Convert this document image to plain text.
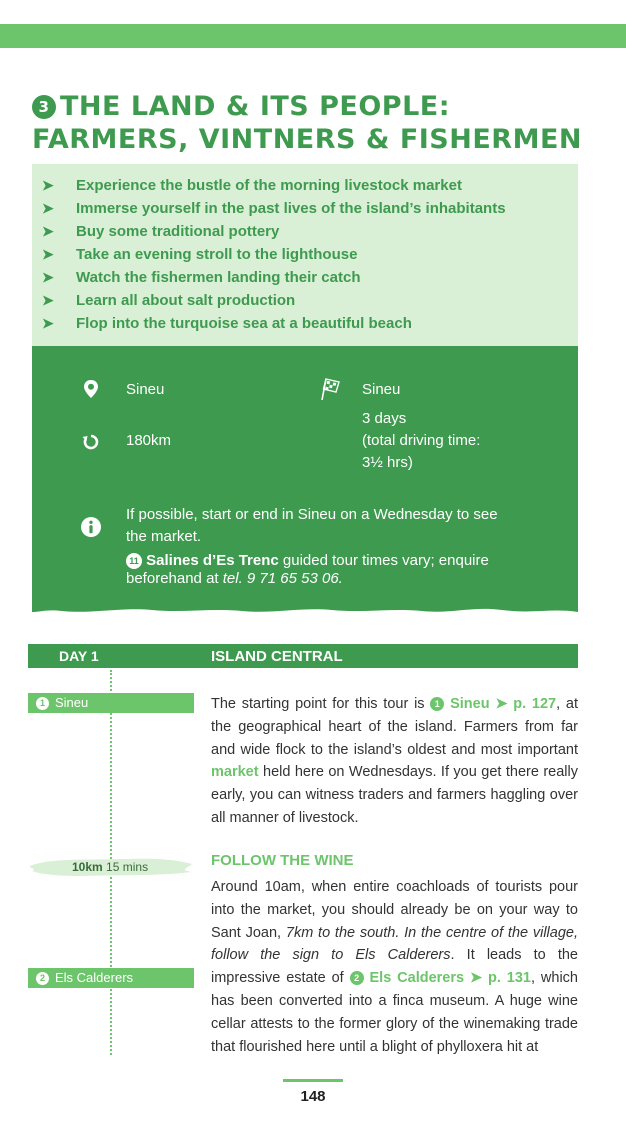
3 THE LAND & ITS PEOPLE:
FARMERS, VINTNERS & FISHERMEN
➤	Experience the bustle of the morning livestock market
➤	Immerse yourself in the past lives of the island’s inhabitants
➤	Buy some traditional pottery
➤	Take an evening stroll to the lighthouse
➤	Watch the fishermen landing their catch
➤	Learn all about salt production
➤	Flop into the turquoise sea at a beautiful beach
Sineu	Sineu
180km
3 days
(total driving time:
3½ hrs)
If possible, start or end in Sineu on a Wednesday to see
the market.
11 Salines d’Es Trenc guided tour times vary; enquire
beforehand at tel. 9 71 65 53 06.
DAY 1	ISLAND CENTRAL
1 Sineu
10km 15 mins
2 Els Calderers
The starting point for this tour is 1 Sineu ➤ p. 127, at the geographical heart of the island. Farmers from far and wide flock to the island’s oldest and most important market held here on Wednesdays. If you get there really early, you can witness traders and farmers haggling over all manner of livestock.
FOLLOW THE WINE
Around 10am, when entire coachloads of tourists pour into the market, you should already be on your way to Sant Joan, 7km to the south. In the centre of the village, follow the sign to Els Calderers. It leads to the impressive estate of 2 Els Calderers ➤ p. 131, which has been converted into a finca museum. A huge wine cellar attests to the former glory of the winemaking trade that flourished here until a blight of phylloxera hit at
148
